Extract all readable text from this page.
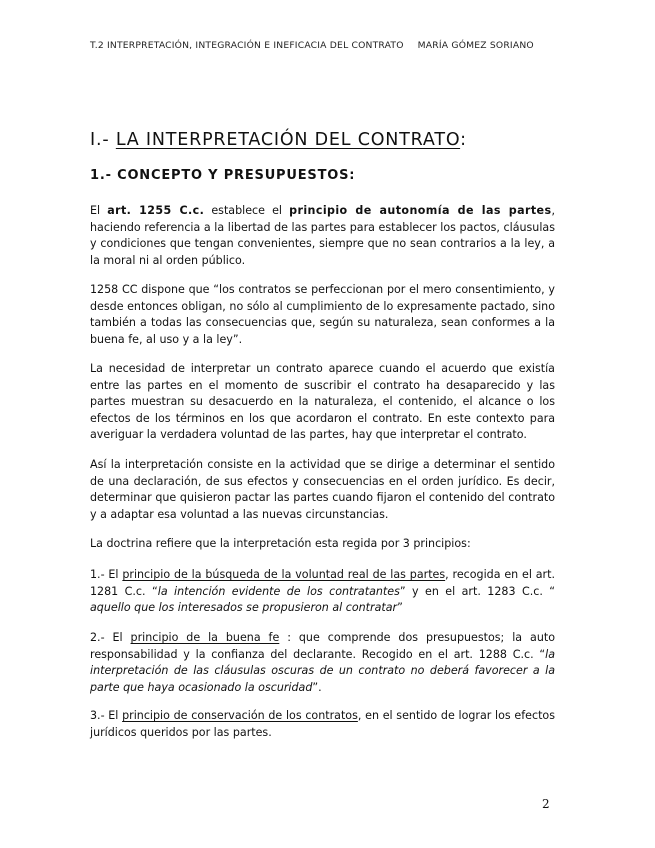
T.2 INTERPRETACIÓN, INTEGRACIÓN E INEFICACIA DEL CONTRATO MARÍA GÓMEZ SORIANO
I.- LA INTERPRETACIÓN DEL CONTRATO:
1.- CONCEPTO Y PRESUPUESTOS:
El art. 1255 C.c. establece el principio de autonomía de las partes, haciendo referencia a la libertad de las partes para establecer los pactos, cláusulas y condiciones que tengan convenientes, siempre que no sean contrarios a la ley, a la moral ni al orden público.
1258 CC dispone que “los contratos se perfeccionan por el mero consentimiento, y desde entonces obligan, no sólo al cumplimiento de lo expresamente pactado, sino también a todas las consecuencias que, según su naturaleza, sean conformes a la buena fe, al uso y a la ley”.
La necesidad de interpretar un contrato aparece cuando el acuerdo que existía entre las partes en el momento de suscribir el contrato ha desaparecido y las partes muestran su desacuerdo en la naturaleza, el contenido, el alcance o los efectos de los términos en los que acordaron el contrato. En este contexto para averiguar la verdadera voluntad de las partes, hay que interpretar el contrato.
Así la interpretación consiste en la actividad que se dirige a determinar el sentido de una declaración, de sus efectos y consecuencias en el orden jurídico. Es decir, determinar que quisieron pactar las partes cuando fijaron el contenido del contrato y a adaptar esa voluntad a las nuevas circunstancias.
La doctrina refiere que la interpretación esta regida por 3 principios:
1.- El principio de la búsqueda de la voluntad real de las partes, recogida en el art. 1281 C.c. “la intención evidente de los contratantes” y en el art. 1283 C.c. “ aquello que los interesados se propusieron al contratar”
2.- El principio de la buena fe : que comprende dos presupuestos; la auto responsabilidad y la confianza del declarante. Recogido en el art. 1288 C.c. “la interpretación de las cláusulas oscuras de un contrato no deberá favorecer a la parte que haya ocasionado la oscuridad”.
3.- El principio de conservación de los contratos, en el sentido de lograr los efectos jurídicos queridos por las partes.
2
